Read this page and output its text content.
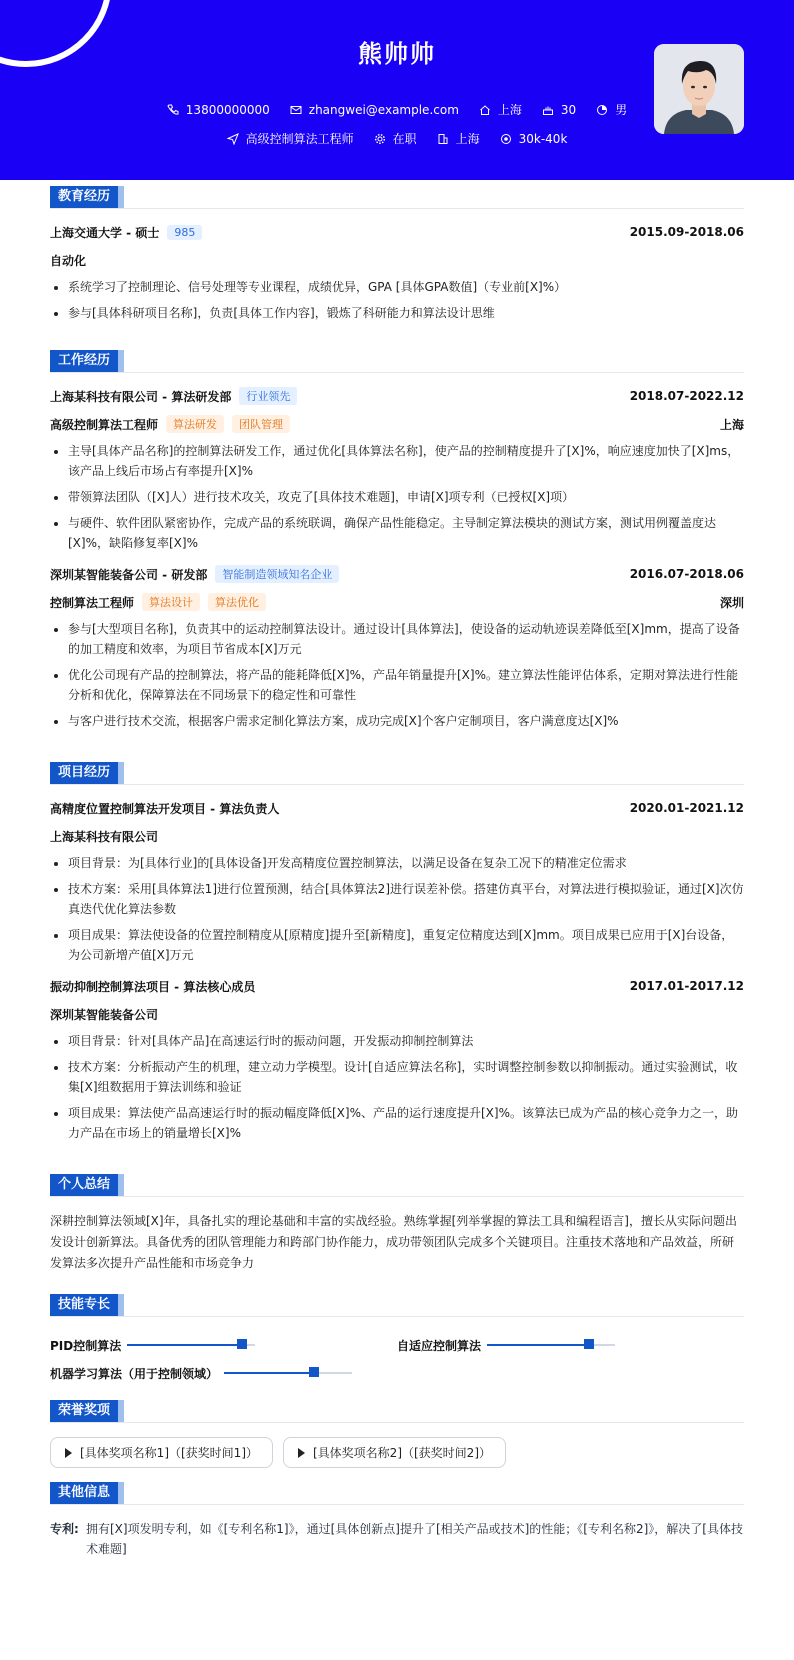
熊帅帅
13800000000	zhangwei@example.com	上海	30	男
高级控制算法工程师	在职	上海	30k-40k
教育经历
上海交通大学 - 硕士	985	2015.09-2018.06
自动化
• 系统学习了控制理论、信号处理等专业课程，成绩优异，GPA [具体GPA数值]（专业前[X]%）
• 参与[具体科研项目名称]，负责[具体工作内容]，锻炼了科研能力和算法设计思维
工作经历
上海某科技有限公司 - 算法研发部	行业领先	2018.07-2022.12
高级控制算法工程师	算法研发	团队管理	上海
• 主导[具体产品名称]的控制算法研发工作，通过优化[具体算法名称]，使产品的控制精度提升了[X]%，响应速度加快了[X]ms，该产品上线后市场占有率提升[X]%
• 带领算法团队（[X]人）进行技术攻关，攻克了[具体技术难题]，申请[X]项专利（已授权[X]项）
• 与硬件、软件团队紧密协作，完成产品的系统联调，确保产品性能稳定。主导制定算法模块的测试方案，测试用例覆盖度达[X]%，缺陷修复率[X]%
深圳某智能装备公司 - 研发部	智能制造领域知名企业	2016.07-2018.06
控制算法工程师	算法设计	算法优化	深圳
• 参与[大型项目名称]，负责其中的运动控制算法设计。通过设计[具体算法]，使设备的运动轨迹误差降低至[X]mm，提高了设备的加工精度和效率，为项目节省成本[X]万元
• 优化公司现有产品的控制算法，将产品的能耗降低[X]%，产品年销量提升[X]%。建立算法性能评估体系，定期对算法进行性能分析和优化，保障算法在不同场景下的稳定性和可靠性
• 与客户进行技术交流，根据客户需求定制化算法方案，成功完成[X]个客户定制项目，客户满意度达[X]%
项目经历
高精度位置控制算法开发项目 - 算法负责人	2020.01-2021.12
上海某科技有限公司
• 项目背景：为[具体行业]的[具体设备]开发高精度位置控制算法，以满足设备在复杂工况下的精准定位需求
• 技术方案：采用[具体算法1]进行位置预测，结合[具体算法2]进行误差补偿。搭建仿真平台，对算法进行模拟验证，通过[X]次仿真迭代优化算法参数
• 项目成果：算法使设备的位置控制精度从[原精度]提升至[新精度]，重复定位精度达到[X]mm。项目成果已应用于[X]台设备，为公司新增产值[X]万元
振动抑制控制算法项目 - 算法核心成员	2017.01-2017.12
深圳某智能装备公司
• 项目背景：针对[具体产品]在高速运行时的振动问题，开发振动抑制控制算法
• 技术方案：分析振动产生的机理，建立动力学模型。设计[自适应算法名称]，实时调整控制参数以抑制振动。通过实验测试，收集[X]组数据用于算法训练和验证
• 项目成果：算法使产品高速运行时的振动幅度降低[X]%、产品的运行速度提升[X]%。该算法已成为产品的核心竞争力之一，助力产品在市场上的销量增长[X]%
个人总结

深耕控制算法领域[X]年，具备扎实的理论基础和丰富的实战经验。熟练掌握[列举掌握的算法工具和编程语言]，擅长从实际问题出发设计创新算法。具备优秀的团队管理能力和跨部门协作能力，成功带领团队完成多个关键项目。注重技术落地和产品效益，所研发算法多次提升产品性能和市场竞争力

技能专长
PID控制算法	自适应控制算法
机器学习算法（用于控制领域）
荣誉奖项
[具体奖项名称1]（[获奖时间1]）	[具体奖项名称2]（[获奖时间2]）
其他信息
专利: 拥有[X]项发明专利，如《[专利名称1]》，通过[具体创新点]提升了[相关产品或技术]的性能；《[专利名称2]》，解决了[具体技术难题]
